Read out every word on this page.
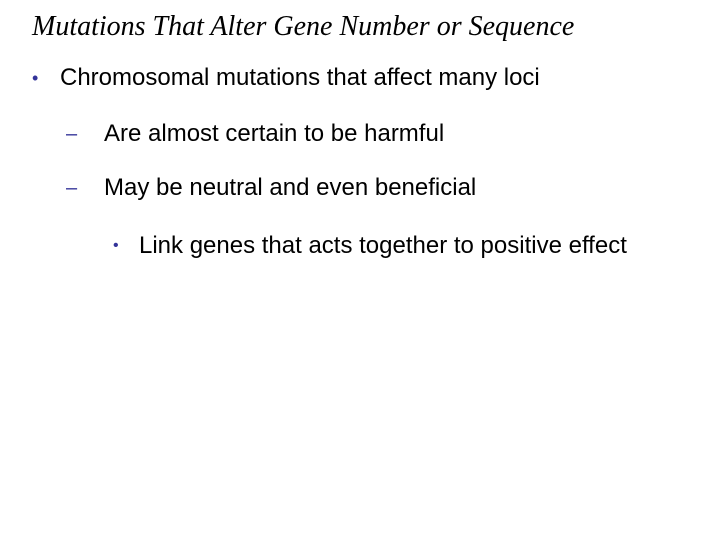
Mutations That Alter Gene Number or Sequence
• Chromosomal mutations that affect many loci
–	Are almost certain to be harmful
–	May be neutral and even beneficial
• Link genes that acts together to positive effect
